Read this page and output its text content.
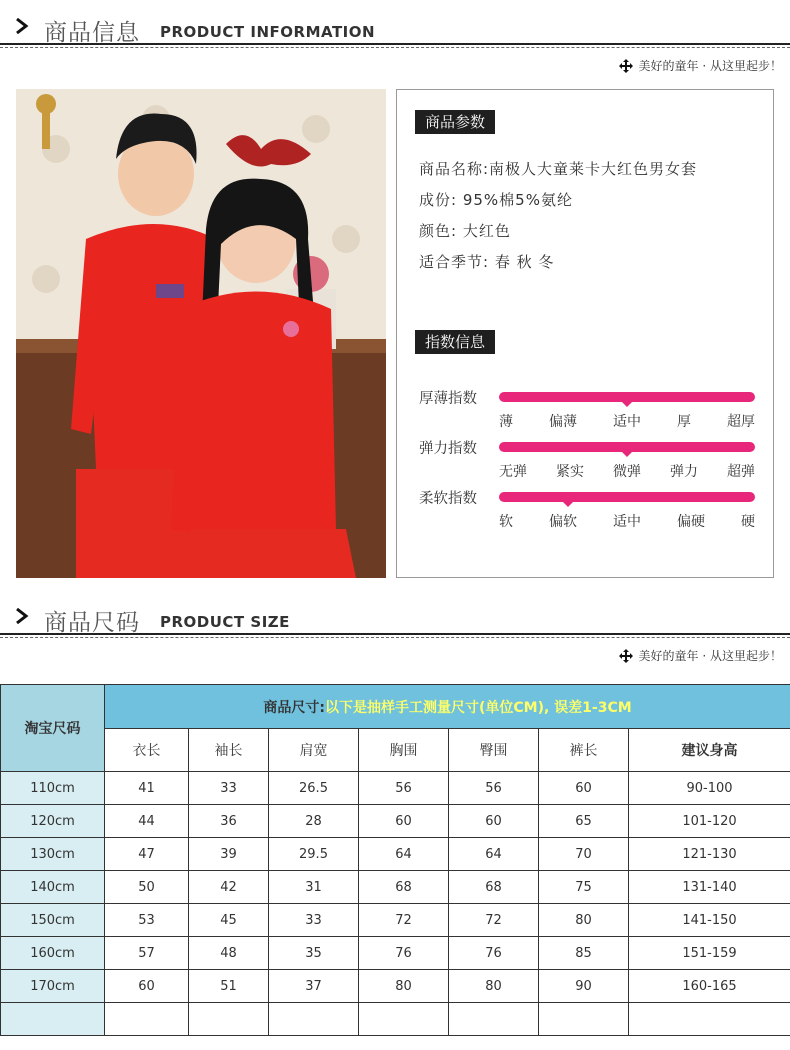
商品信息 PRODUCT INFORMATION
美好的童年 · 从这里起步！
商品参数
商品名称:南极人大童莱卡大红色男女套
成份: 95%棉5%氨纶
颜色: 大红色
适合季节: 春 秋 冬
指数信息
厚薄指数
薄	偏薄	适中	厚	超厚
弹力指数
无弹 紧实 微弹 弹力 超弹
柔软指数
软	偏软	适中	偏硬	硬
商品尺码 PRODUCT SIZE
美好的童年 · 从这里起步！
淘宝尺码	商品尺寸:以下是抽样手工测量尺寸(单位CM), 误差1-3CM						
	衣长	袖长	肩宽	胸围	臀围	裤长	建议身高
110cm	41	33	26.5	56	56	60	90-100
120cm	44	36	28	60	60	65	101-120
130cm	47	39	29.5	64	64	70	121-130
140cm	50	42	31	68	68	75	131-140
150cm	53	45	33	72	72	80	141-150
160cm	57	48	35	76	76	85	151-159
170cm	60	51	37	80	80	90	160-165
